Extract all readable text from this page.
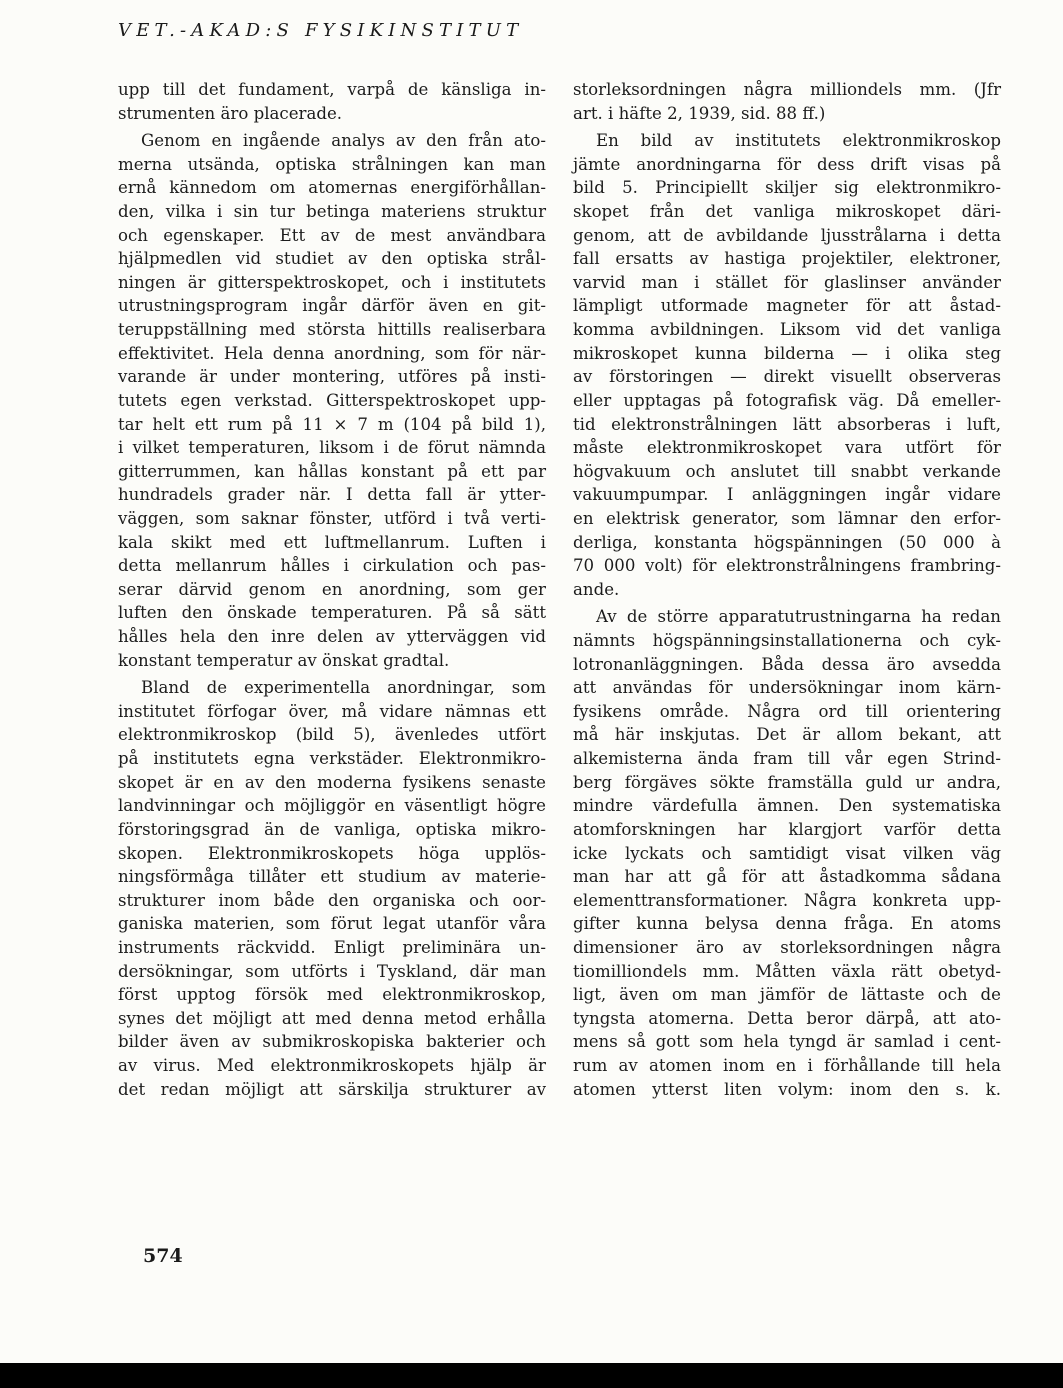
VET.-AKAD:S FYSIKINSTITUT
upp till det fundament, varpå de känsliga in-
strumenten äro placerade.
Genom en ingående analys av den från ato-
merna utsända, optiska strålningen kan man
ernå kännedom om atomernas energiförhållan-
den, vilka i sin tur betinga materiens struktur
och egenskaper. Ett av de mest användbara
hjälpmedlen vid studiet av den optiska strål-
ningen är gitterspektroskopet, och i institutets
utrustningsprogram ingår därför även en git-
teruppställning med största hittills realiserbara
effektivitet. Hela denna anordning, som för när-
varande är under montering, utföres på insti-
tutets egen verkstad. Gitterspektroskopet upp-
tar helt ett rum på 11 × 7 m (104 på bild 1),
i vilket temperaturen, liksom i de förut nämnda
gitterrummen, kan hållas konstant på ett par
hundradels grader när. I detta fall är ytter-
väggen, som saknar fönster, utförd i två verti-
kala skikt med ett luftmellanrum. Luften i
detta mellanrum hålles i cirkulation och pas-
serar därvid genom en anordning, som ger
luften den önskade temperaturen. På så sätt
hålles hela den inre delen av ytterväggen vid
konstant temperatur av önskat gradtal.
Bland de experimentella anordningar, som
institutet förfogar över, må vidare nämnas ett
elektronmikroskop (bild 5), ävenledes utfört
på institutets egna verkstäder. Elektronmikro-
skopet är en av den moderna fysikens senaste
landvinningar och möjliggör en väsentligt högre
förstoringsgrad än de vanliga, optiska mikro-
skopen. Elektronmikroskopets höga upplös-
ningsförmåga tillåter ett studium av materie-
strukturer inom både den organiska och oor-
ganiska materien, som förut legat utanför våra
instruments räckvidd. Enligt preliminära un-
dersökningar, som utförts i Tyskland, där man
först upptog försök med elektronmikroskop,
synes det möjligt att med denna metod erhålla
bilder även av submikroskopiska bakterier och
av virus. Med elektronmikroskopets hjälp är
det redan möjligt att särskilja strukturer av
storleksordningen några milliondels mm. (Jfr
art. i häfte 2, 1939, sid. 88 ff.)
En bild av institutets elektronmikroskop
jämte anordningarna för dess drift visas på
bild 5. Principiellt skiljer sig elektronmikro-
skopet från det vanliga mikroskopet däri-
genom, att de avbildande ljusstrålarna i detta
fall ersatts av hastiga projektiler, elektroner,
varvid man i stället för glaslinser använder
lämpligt utformade magneter för att åstad-
komma avbildningen. Liksom vid det vanliga
mikroskopet kunna bilderna — i olika steg
av förstoringen — direkt visuellt observeras
eller upptagas på fotografisk väg. Då emeller-
tid elektronstrålningen lätt absorberas i luft,
måste elektronmikroskopet vara utfört för
högvakuum och anslutet till snabbt verkande
vakuumpumpar. I anläggningen ingår vidare
en elektrisk generator, som lämnar den erfor-
derliga, konstanta högspänningen (50 000 à
70 000 volt) för elektronstrålningens frambring-
ande.
Av de större apparatutrustningarna ha redan
nämnts högspänningsinstallationerna och cyk-
lotronanläggningen. Båda dessa äro avsedda
att användas för undersökningar inom kärn-
fysikens område. Några ord till orientering
må här inskjutas. Det är allom bekant, att
alkemisterna ända fram till vår egen Strind-
berg förgäves sökte framställa guld ur andra,
mindre värdefulla ämnen. Den systematiska
atomforskningen har klargjort varför detta
icke lyckats och samtidigt visat vilken väg
man har att gå för att åstadkomma sådana
elementtransformationer. Några konkreta upp-
gifter kunna belysa denna fråga. En atoms
dimensioner äro av storleksordningen några
tiomilliondels mm. Måtten växla rätt obetyd-
ligt, även om man jämför de lättaste och de
tyngsta atomerna. Detta beror därpå, att ato-
mens så gott som hela tyngd är samlad i cent-
rum av atomen inom en i förhållande till hela
atomen ytterst liten volym: inom den s. k.
574
